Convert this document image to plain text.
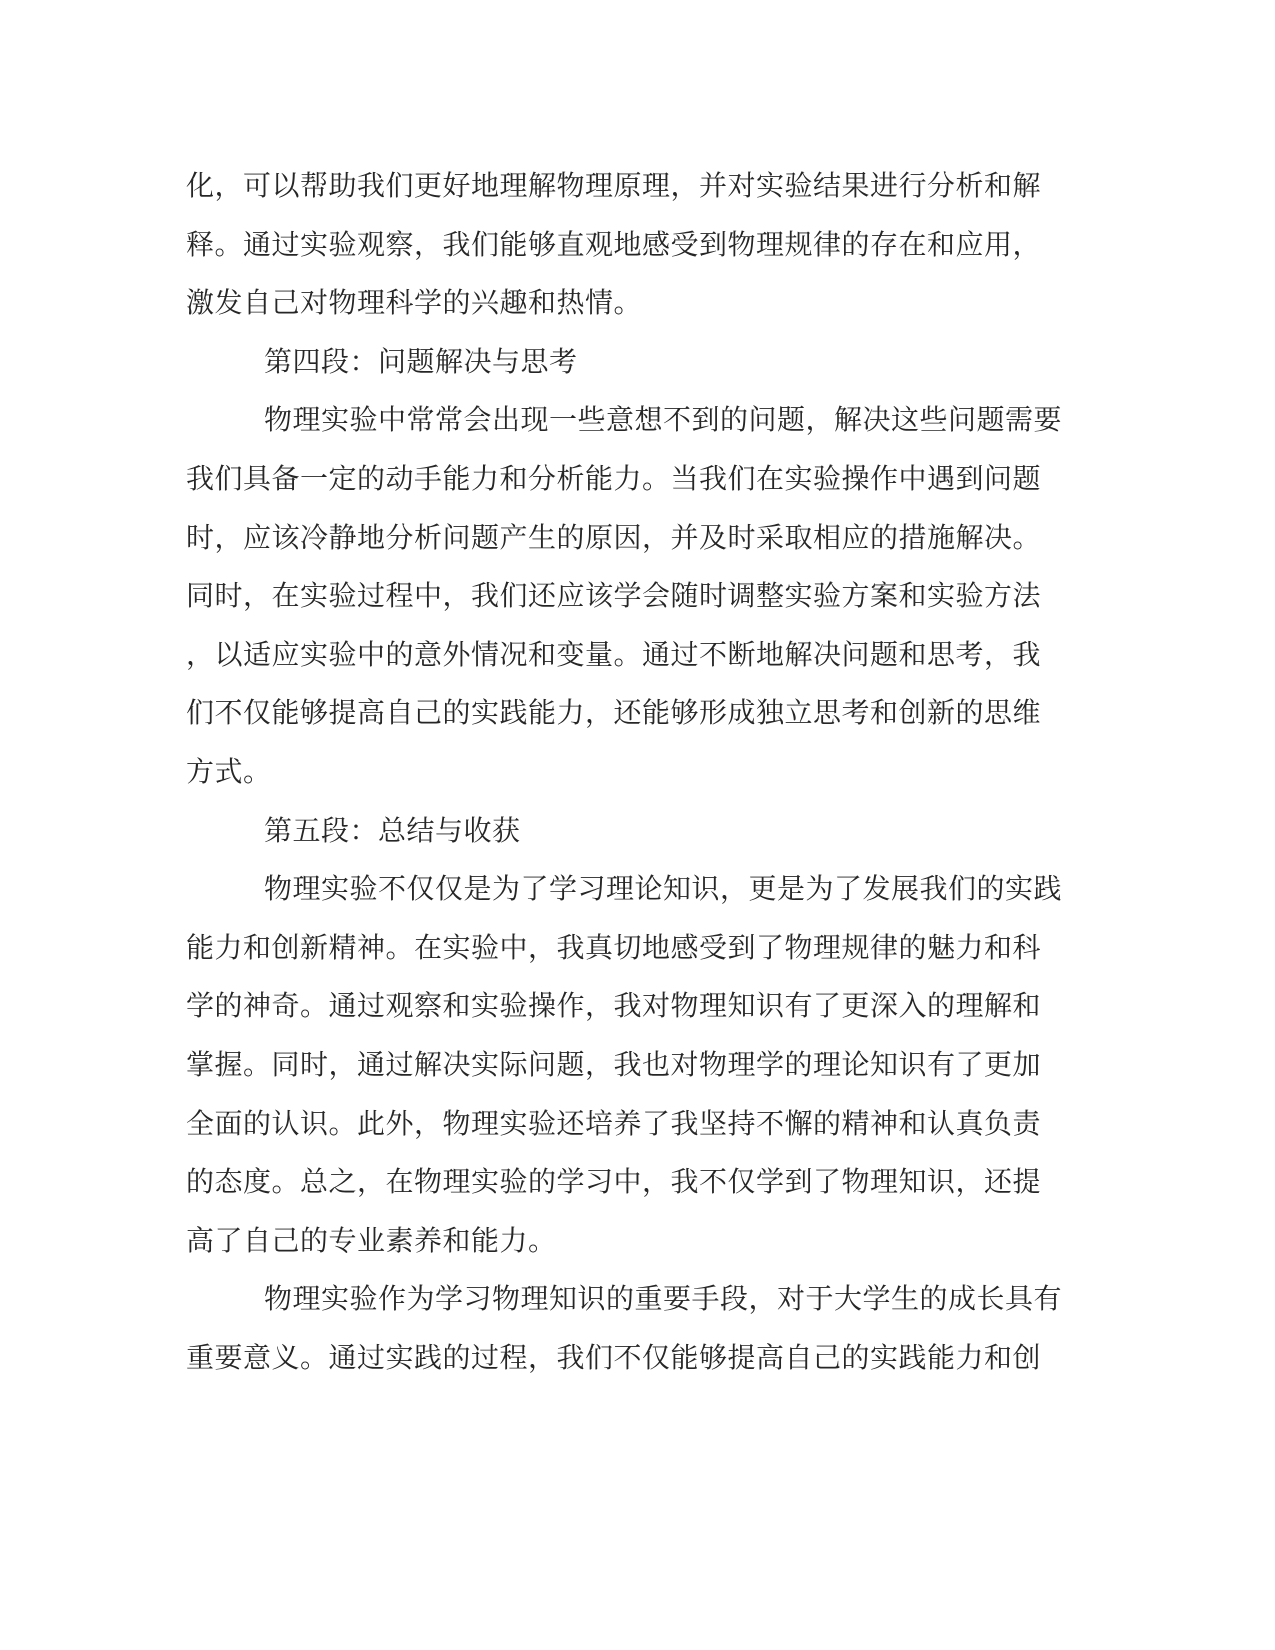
化，可以帮助我们更好地理解物理原理，并对实验结果进行分析和解
释。通过实验观察，我们能够直观地感受到物理规律的存在和应用，
激发自己对物理科学的兴趣和热情。
第四段：问题解决与思考
物理实验中常常会出现一些意想不到的问题，解决这些问题需要
我们具备一定的动手能力和分析能力。当我们在实验操作中遇到问题
时，应该冷静地分析问题产生的原因，并及时采取相应的措施解决。
同时，在实验过程中，我们还应该学会随时调整实验方案和实验方法
，以适应实验中的意外情况和变量。通过不断地解决问题和思考，我
们不仅能够提高自己的实践能力，还能够形成独立思考和创新的思维
方式。
第五段：总结与收获
物理实验不仅仅是为了学习理论知识，更是为了发展我们的实践
能力和创新精神。在实验中，我真切地感受到了物理规律的魅力和科
学的神奇。通过观察和实验操作，我对物理知识有了更深入的理解和
掌握。同时，通过解决实际问题，我也对物理学的理论知识有了更加
全面的认识。此外，物理实验还培养了我坚持不懈的精神和认真负责
的态度。总之，在物理实验的学习中，我不仅学到了物理知识，还提
高了自己的专业素养和能力。
物理实验作为学习物理知识的重要手段，对于大学生的成长具有
重要意义。通过实践的过程，我们不仅能够提高自己的实践能力和创
